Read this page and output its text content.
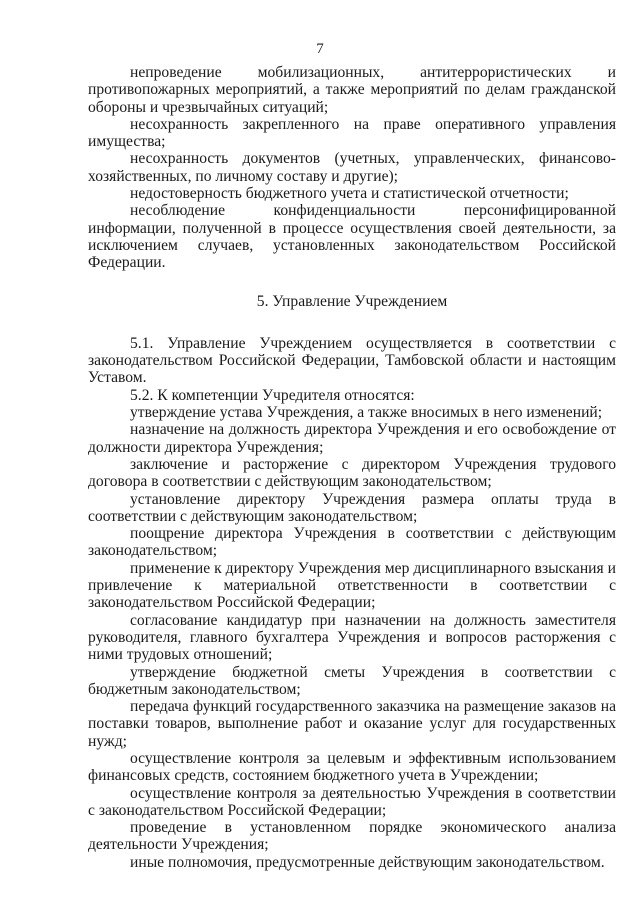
7

непроведение мобилизационных, антитеррористических и противопожарных мероприятий, а также мероприятий по делам гражданской обороны и чрезвычайных ситуаций;

несохранность закрепленного на праве оперативного управления имущества;

несохранность документов (учетных, управленческих, финансово-хозяйственных, по личному составу и другие);

недостоверность бюджетного учета и статистической отчетности;

несоблюдение конфиденциальности персонифицированной информации, полученной в процессе осуществления своей деятельности, за исключением случаев, установленных законодательством Российской Федерации.

5. Управление Учреждением

5.1. Управление Учреждением осуществляется в соответствии с законодательством Российской Федерации, Тамбовской области и настоящим Уставом.

5.2. К компетенции Учредителя относятся:

утверждение устава Учреждения, а также вносимых в него изменений;

назначение на должность директора Учреждения и его освобождение от должности директора Учреждения;

заключение и расторжение с директором Учреждения трудового договора в соответствии с действующим законодательством;

установление директору Учреждения размера оплаты труда в соответствии с действующим законодательством;

поощрение директора Учреждения в соответствии с действующим законодательством;

применение к директору Учреждения мер дисциплинарного взыскания и привлечение к материальной ответственности в соответствии с законодательством Российской Федерации;

согласование кандидатур при назначении на должность заместителя руководителя, главного бухгалтера Учреждения и вопросов расторжения с ними трудовых отношений;

утверждение бюджетной сметы Учреждения в соответствии с бюджетным законодательством;

передача функций государственного заказчика на размещение заказов на поставки товаров, выполнение работ и оказание услуг для государственных нужд;

осуществление контроля за целевым и эффективным использованием финансовых средств, состоянием бюджетного учета в Учреждении;

осуществление контроля за деятельностью Учреждения в соответствии с законодательством Российской Федерации;

проведение в установленном порядке экономического анализа деятельности Учреждения;

иные полномочия, предусмотренные действующим законодательством.
